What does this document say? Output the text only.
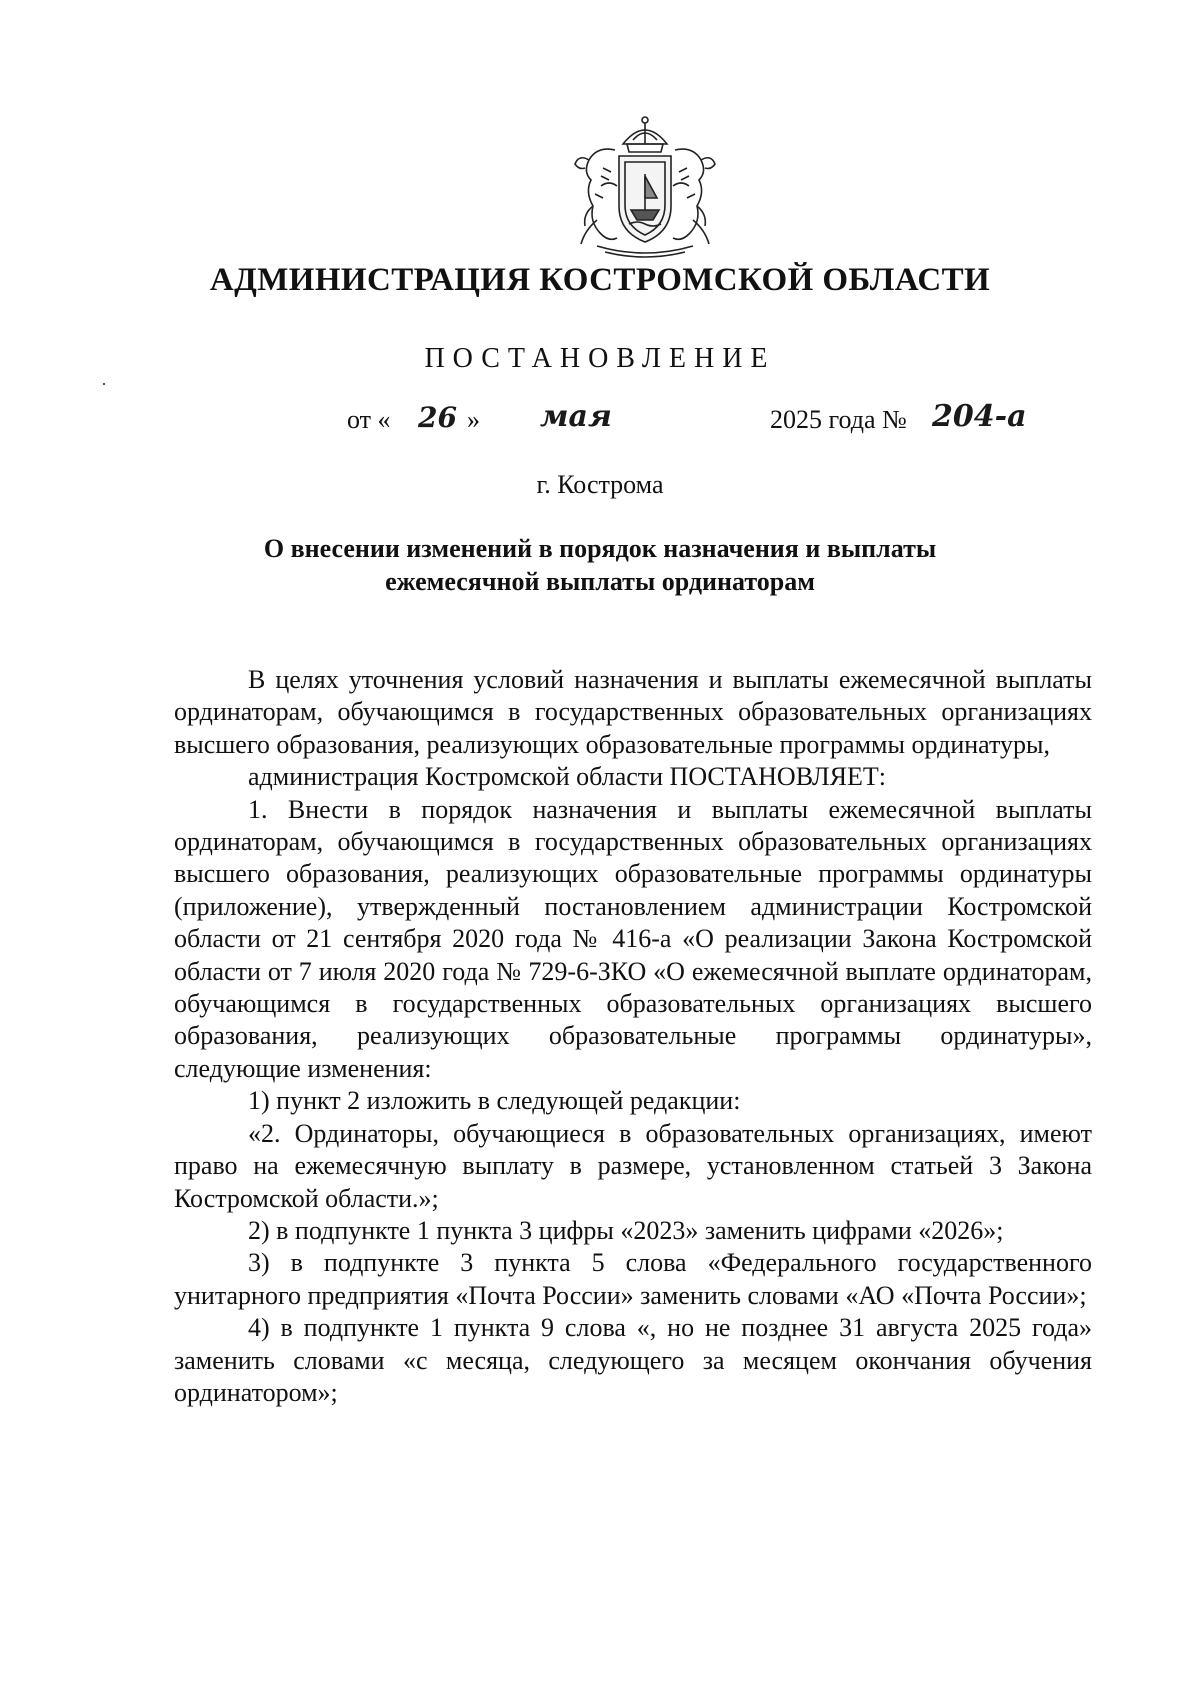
АДМИНИСТРАЦИЯ КОСТРОМСКОЙ ОБЛАСТИ
ПОСТАНОВЛЕНИЕ
от « 26 » мая	2025 года № 204-а
г. Кострома
О внесении изменений в порядок назначения и выплаты
ежемесячной выплаты ординаторам

В целях уточнения условий назначения и выплаты ежемесячной выплаты ординаторам, обучающимся в государственных образовательных организациях высшего образования, реализующих образовательные программы ординатуры,

администрация Костромской области ПОСТАНОВЛЯЕТ:

1. Внести в порядок назначения и выплаты ежемесячной выплаты ординаторам, обучающимся в государственных образовательных организациях высшего образования, реализующих образовательные программы ординатуры (приложение), утвержденный постановлением администрации Костромской области от 21 сентября 2020 года № 416-а «О реализации Закона Костромской области от 7 июля 2020 года № 729-6-ЗКО «О ежемесячной выплате ординаторам, обучающимся в государственных образовательных организациях высшего образования, реализующих образовательные программы ординатуры», следующие изменения:

1) пункт 2 изложить в следующей редакции:

«2. Ординаторы, обучающиеся в образовательных организациях, имеют право на ежемесячную выплату в размере, установленном статьей 3 Закона Костромской области.»;

2) в подпункте 1 пункта 3 цифры «2023» заменить цифрами «2026»;

3) в подпункте 3 пункта 5 слова «Федерального государственного унитарного предприятия «Почта России» заменить словами «АО «Почта России»;

4) в подпункте 1 пункта 9 слова «, но не позднее 31 августа 2025 года» заменить словами «с месяца, следующего за месяцем окончания обучения ординатором»;
